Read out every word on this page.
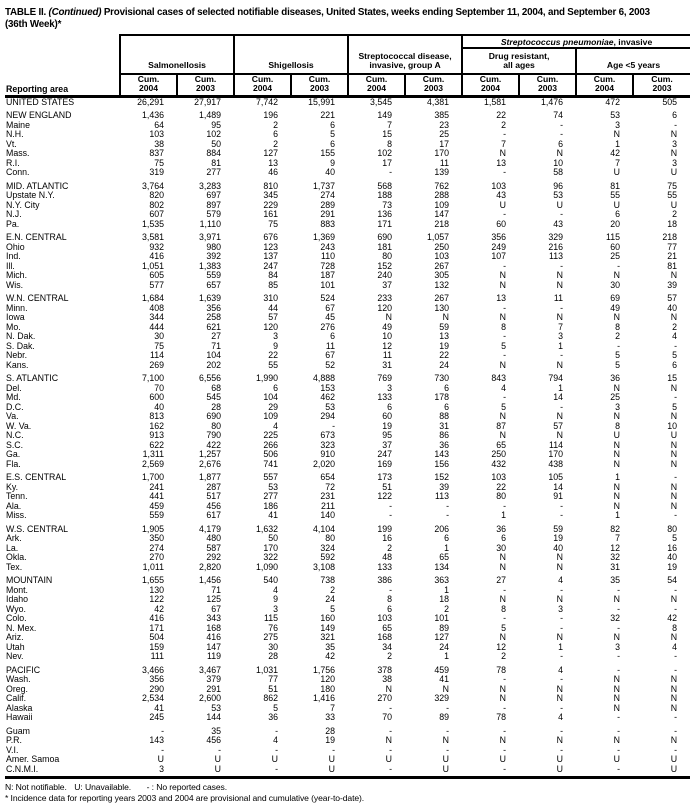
TABLE II. (Continued) Provisional cases of selected notifiable diseases, United States, weeks ending September 11, 2004, and September 6, 2003
(36th Week)*
Reporting area	Salmonellosis		Shigellosis		Streptococcal disease,
invasive, group A		Streptococcus pneumoniae, invasive			

							Drug resistant,
all ages		Age <5 years	

	Cum.
2004	Cum.
2003	Cum.
2004	Cum.
2003	Cum.
2004	Cum.
2003	Cum.
2004	Cum.
2003	Cum.
2004	Cum.
2003

UNITED STATES	26,291	27,917	7,742	15,991	3,545	4,381	1,581	1,476	472	505

NEW ENGLAND	1,436	1,489	196	221	149	385	22	74	53	6
Maine	64	95	2	6	7	23	2	-	3	-
N.H.	103	102	6	5	15	25	-	-	N	N
Vt.	38	50	2	6	8	17	7	6	1	3
Mass.	837	884	127	155	102	170	N	N	42	N
R.I.	75	81	13	9	17	11	13	10	7	3
Conn.	319	277	46	40	-	139	-	58	U	U

MID. ATLANTIC	3,764	3,283	810	1,737	568	762	103	96	81	75
Upstate N.Y.	820	697	345	274	188	288	43	53	55	55
N.Y. City	802	897	229	289	73	109	U	U	U	U
N.J.	607	579	161	291	136	147	-	-	6	2
Pa.	1,535	1,110	75	883	171	218	60	43	20	18

E.N. CENTRAL	3,581	3,971	676	1,369	690	1,057	356	329	115	218
Ohio	932	980	123	243	181	250	249	216	60	77
Ind.	416	392	137	110	80	103	107	113	25	21
Ill.	1,051	1,383	247	728	152	267	-	-	-	81
Mich.	605	559	84	187	240	305	N	N	N	N
Wis.	577	657	85	101	37	132	N	N	30	39

W.N. CENTRAL	1,684	1,639	310	524	233	267	13	11	69	57
Minn.	408	356	44	67	120	130	-	-	49	40
Iowa	344	258	57	45	N	N	N	N	N	N
Mo.	444	621	120	276	49	59	8	7	8	2
N. Dak.	30	27	3	6	10	13	-	3	2	4
S. Dak.	75	71	9	11	12	19	5	1	-	-
Nebr.	114	104	22	67	11	22	-	-	5	5
Kans.	269	202	55	52	31	24	N	N	5	6

S. ATLANTIC	7,100	6,556	1,990	4,888	769	730	843	794	36	15
Del.	70	68	6	153	3	6	4	1	N	N
Md.	600	545	104	462	133	178	-	14	25	-
D.C.	40	28	29	53	6	6	5	-	3	5
Va.	813	690	109	294	60	88	N	N	N	N
W. Va.	162	80	4	-	19	31	87	57	8	10
N.C.	913	790	225	673	95	86	N	N	U	U
S.C.	622	422	266	323	37	36	65	114	N	N
Ga.	1,311	1,257	506	910	247	143	250	170	N	N
Fla.	2,569	2,676	741	2,020	169	156	432	438	N	N

E.S. CENTRAL	1,700	1,877	557	654	173	152	103	105	1	-
Ky.	241	287	53	72	51	39	22	14	N	N
Tenn.	441	517	277	231	122	113	80	91	N	N
Ala.	459	456	186	211	-	-	-	-	N	N
Miss.	559	617	41	140	-	-	1	-	1	-

W.S. CENTRAL	1,905	4,179	1,632	4,104	199	206	36	59	82	80
Ark.	350	480	50	80	16	6	6	19	7	5
La.	274	587	170	324	2	1	30	40	12	16
Okla.	270	292	322	592	48	65	N	N	32	40
Tex.	1,011	2,820	1,090	3,108	133	134	N	N	31	19

MOUNTAIN	1,655	1,456	540	738	386	363	27	4	35	54
Mont.	130	71	4	2	-	1	-	-	-	-
Idaho	122	125	9	24	8	18	N	N	N	N
Wyo.	42	67	3	5	6	2	8	3	-	-
Colo.	416	343	115	160	103	101	-	-	32	42
N. Mex.	171	168	76	149	65	89	5	-	-	8
Ariz.	504	416	275	321	168	127	N	N	N	N
Utah	159	147	30	35	34	24	12	1	3	4
Nev.	111	119	28	42	2	1	2	-	-	-

PACIFIC	3,466	3,467	1,031	1,756	378	459	78	4	-	-
Wash.	356	379	77	120	38	41	-	-	N	N
Oreg.	290	291	51	180	N	N	N	N	N	N
Calif.	2,534	2,600	862	1,416	270	329	N	N	N	N
Alaska	41	53	5	7	-	-	-	-	N	N
Hawaii	245	144	36	33	70	89	78	4	-	-

Guam	-	35	-	28	-	-	-	-	-	-
P.R.	143	456	4	19	N	N	N	N	N	N
V.I.	-	-	-	-	-	-	-	-	-	-
Amer. Samoa	U	U	U	U	U	U	U	U	U	U
C.N.M.I.	3	U	-	U	-	U	-	U	-	U
N: Not notifiable. U: Unavailable. - : No reported cases.
* Incidence data for reporting years 2003 and 2004 are provisional and cumulative (year-to-date).
